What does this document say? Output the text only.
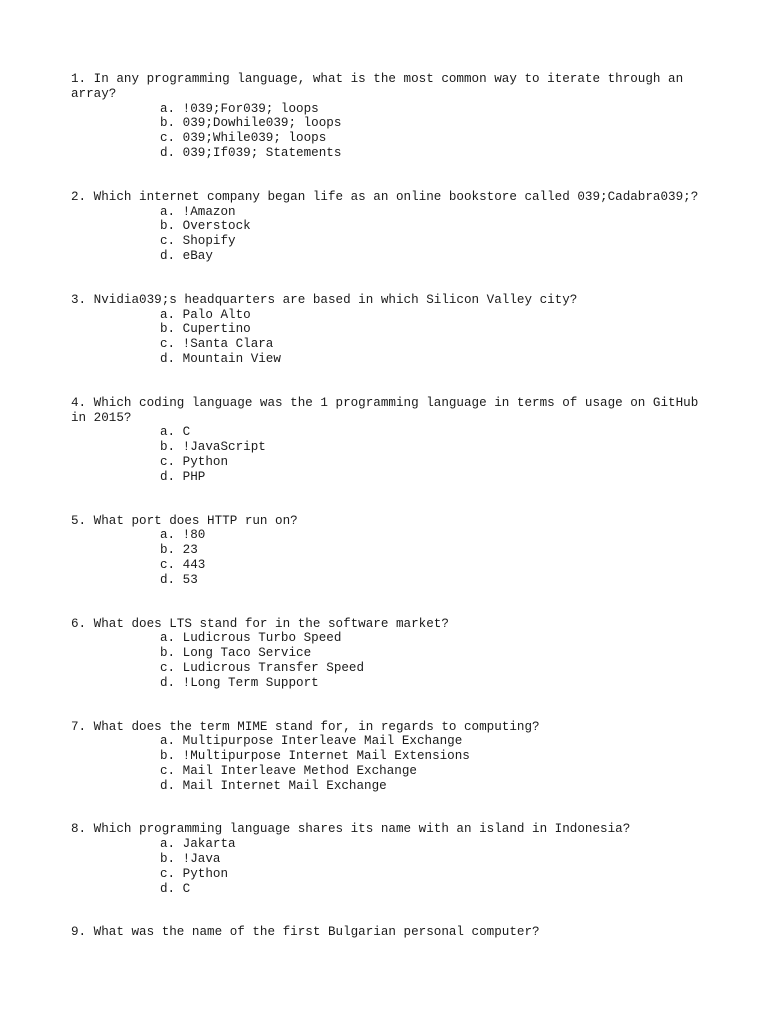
1. In any programming language, what is the most common way to iterate through an array?

a. !039;For039; loops
b. 039;Dowhile039; loops
c. 039;While039; loops
d. 039;If039; Statements

2. Which internet company began life as an online bookstore called 039;Cadabra039;?

a. !Amazon
b. Overstock
c. Shopify
d. eBay

3. Nvidia039;s headquarters are based in which Silicon Valley city?

a. Palo Alto
b. Cupertino
c. !Santa Clara
d. Mountain View

4. Which coding language was the 1 programming language in terms of usage on GitHub in 2015?

a. C
b. !JavaScript
c. Python
d. PHP

5. What port does HTTP run on?

a. !80
b. 23
c. 443
d. 53

6. What does LTS stand for in the software market?

a. Ludicrous Turbo Speed
b. Long Taco Service
c. Ludicrous Transfer Speed
d. !Long Term Support

7. What does the term MIME stand for, in regards to computing?

a. Multipurpose Interleave Mail Exchange
b. !Multipurpose Internet Mail Extensions
c. Mail Interleave Method Exchange
d. Mail Internet Mail Exchange

8. Which programming language shares its name with an island in Indonesia?

a. Jakarta
b. !Java
c. Python
d. C

9. What was the name of the first Bulgarian personal computer?
